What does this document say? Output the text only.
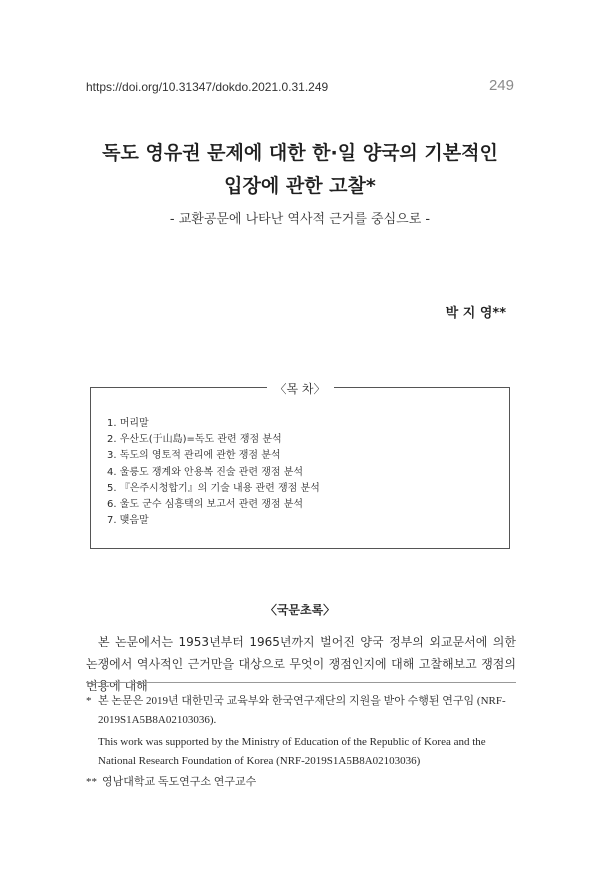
https://doi.org/10.31347/dokdo.2021.0.31.249	249
독도 영유권 문제에 대한 한·일 양국의 기본적인
입장에 관한 고찰*
- 교환공문에 나타난 역사적 근거를 중심으로 -
박 지 영**
〈목 차〉
1. 머리말
2. 우산도(于山島)=독도 관련 쟁점 분석
3. 독도의 영토적 관리에 관한 쟁점 분석
4. 울릉도 쟁계와 안용복 진술 관련 쟁점 분석
5. 『은주시청합기』의 기술 내용 관련 쟁점 분석
6. 울도 군수 심흥택의 보고서 관련 쟁점 분석
7. 맺음말
〈국문초록〉

본 논문에서는 1953년부터 1965년까지 벌어진 양국 정부의 외교문서에 의한 논쟁에서 역사적인 근거만을 대상으로 무엇이 쟁점인지에 대해 고찰해보고 쟁점의 변용에 대해

* 본 논문은 2019년 대한민국 교육부와 한국연구재단의 지원을 받아 수행된 연구임 (NRF-2019S1A5B8A02103036).
This work was supported by the Ministry of Education of the Republic of Korea and the National Research Foundation of Korea (NRF-2019S1A5B8A02103036)
** 영남대학교 독도연구소 연구교수
